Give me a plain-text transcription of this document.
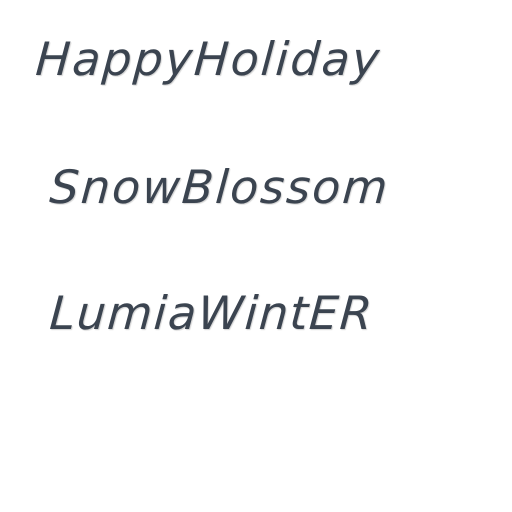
HappyHoliday
SnowBlossom
LumiaWintER
